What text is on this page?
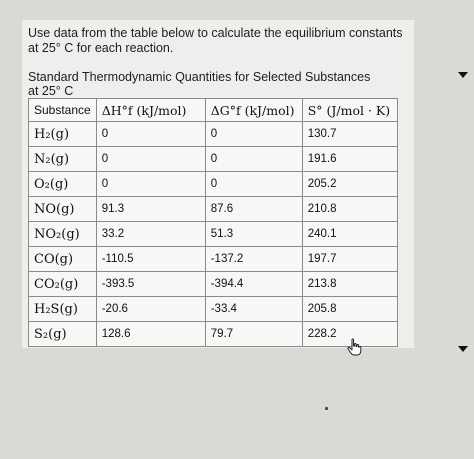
Use data from the table below to calculate the equilibrium constants
at 25° C for each reaction.
Standard Thermodynamic Quantities for Selected Substances
at 25° C
Substance	ΔH°f (kJ/mol)	ΔG°f (kJ/mol)	S° (J/mol · K)
H₂(g)	0	0	130.7
N₂(g)	0	0	191.6
O₂(g)	0	0	205.2
NO(g)	91.3	87.6	210.8
NO₂(g)	33.2	51.3	240.1
CO(g)	-110.5	-137.2	197.7
CO₂(g)	-393.5	-394.4	213.8
H₂S(g)	-20.6	-33.4	205.8
S₂(g)	128.6	79.7	228.2
